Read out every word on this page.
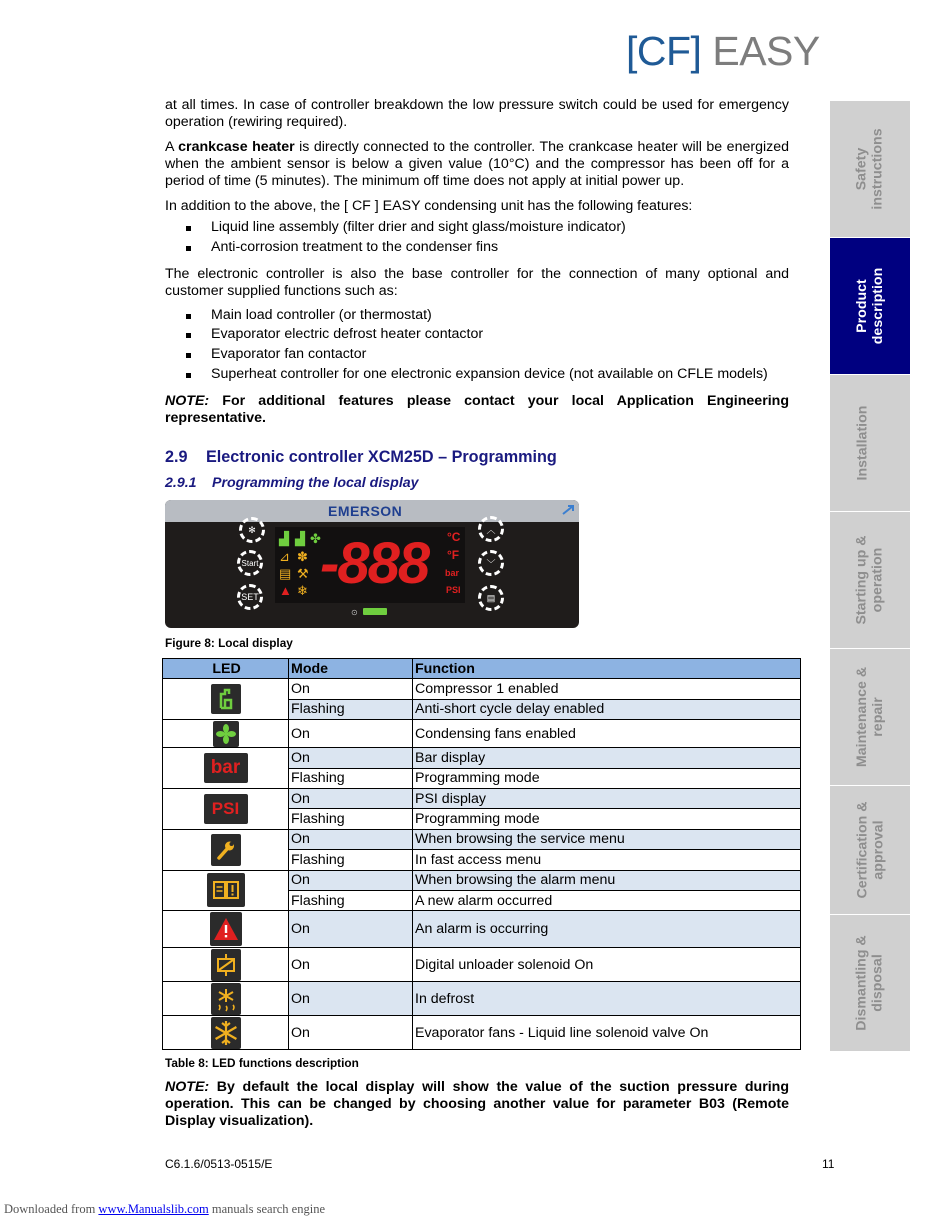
[CF] EASY

at all times. In case of controller breakdown the low pressure switch could be used for emergency operation (rewiring required).

A crankcase heater is directly connected to the controller. The crankcase heater will be energized when the ambient sensor is below a given value (10°C) and the compressor has been off for a period of time (5 minutes). The minimum off time does not apply at initial power up.

In addition to the above, the [ CF ] EASY condensing unit has the following features:

Liquid line assembly (filter drier and sight glass/moisture indicator)
Anti-corrosion treatment to the condenser fins

The electronic controller is also the base controller for the connection of many optional and customer supplied functions such as:

Main load controller (or thermostat)
Evaporator electric defrost heater contactor
Evaporator fan contactor
Superheat controller for one electronic expansion device (not available on CFLE models)

NOTE: For additional features please contact your local Application Engineering representative.

2.9 Electronic controller XCM25D – Programming
2.9.1 Programming the local display
EMERSON
✻
Start
SET
︿
﹀
▤
▟ ▟ ✤
⊿ ✽
▤ ⚒
▲ ❄ -888 °C
°F
bar
PSI
⊙
Figure 8: Local display
LED	Mode	Function

	On	Compressor 1 enabled
	Flashing	Anti-short cycle delay enabled

	On	Condensing fans enabled
bar	On	Bar display
	Flashing	Programming mode
PSI	On	PSI display
	Flashing	Programming mode

	On	When browsing the service menu
	Flashing	In fast access menu

	On	When browsing the alarm menu
	Flashing	A new alarm occurred

	On	An alarm is occurring

	On	Digital unloader solenoid On

	On	In defrost

	On	Evaporator fans - Liquid line solenoid valve On
Table 8: LED functions description
NOTE: By default the local display will show the value of the suction pressure during operation. This can be changed by choosing another value for parameter B03 (Remote Display visualization).
Safety
instructions
Product
description
Installation
Starting up &
operation
Maintenance &
repair
Certification &
approval
Dismantling &
disposal
C6.1.6/0513-0515/E	11
Downloaded from www.Manualslib.com manuals search engine
